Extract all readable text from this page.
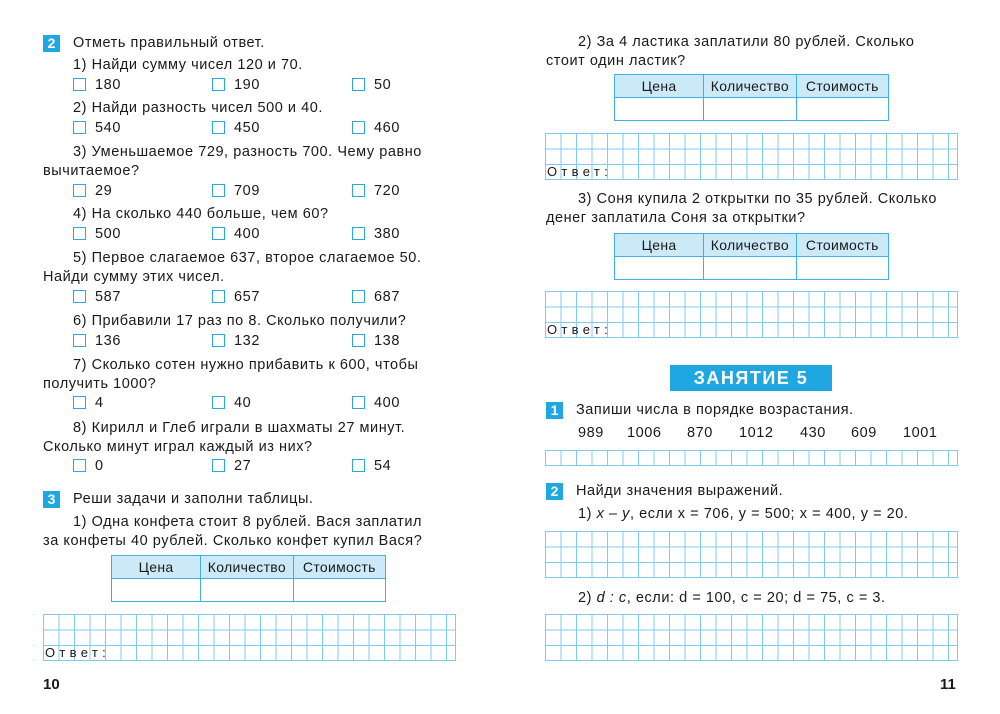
2	Отметь правильный ответ.
1) Найди сумму чисел 120 и 70.
180	190	50
2) Найди разность чисел 500 и 40.
540	450	460
3) Уменьшаемое 729, разность 700. Чему равно
вычитаемое?
29	709	720
4) На сколько 440 больше, чем 60?
500	400	380
5) Первое слагаемое 637, второе слагаемое 50.
Найди сумму этих чисел.
587	657	687
6) Прибавили 17 раз по 8. Сколько получили?
136	132	138
7) Сколько сотен нужно прибавить к 600, чтобы
получить 1000?
4	40	400
8) Кирилл и Глеб играли в шахматы 27 минут.
Сколько минут играл каждый из них?
0	27	54
3	Реши задачи и заполни таблицы.
1) Одна конфета стоит 8 рублей. Вася заплатил
за конфеты 40 рублей. Сколько конфет купил Вася?
Цена	Количество	Стоимость

Ответ:
10
2) За 4 ластика заплатили 80 рублей. Сколько
стоит один ластик?
Цена	Количество	Стоимость

Ответ:
3) Соня купила 2 открытки по 35 рублей. Сколько
денег заплатила Соня за открытки?
Цена	Количество	Стоимость

Ответ:
ЗАНЯТИЕ 5
1	Запиши числа в порядке возрастания.
989 1006 870 1012 430 609 1001
2	Найди значения выражений.
1) x – y, если x = 706, y = 500; x = 400, y = 20.
2) d : c, если: d = 100, c = 20; d = 75, c = 3.
11
